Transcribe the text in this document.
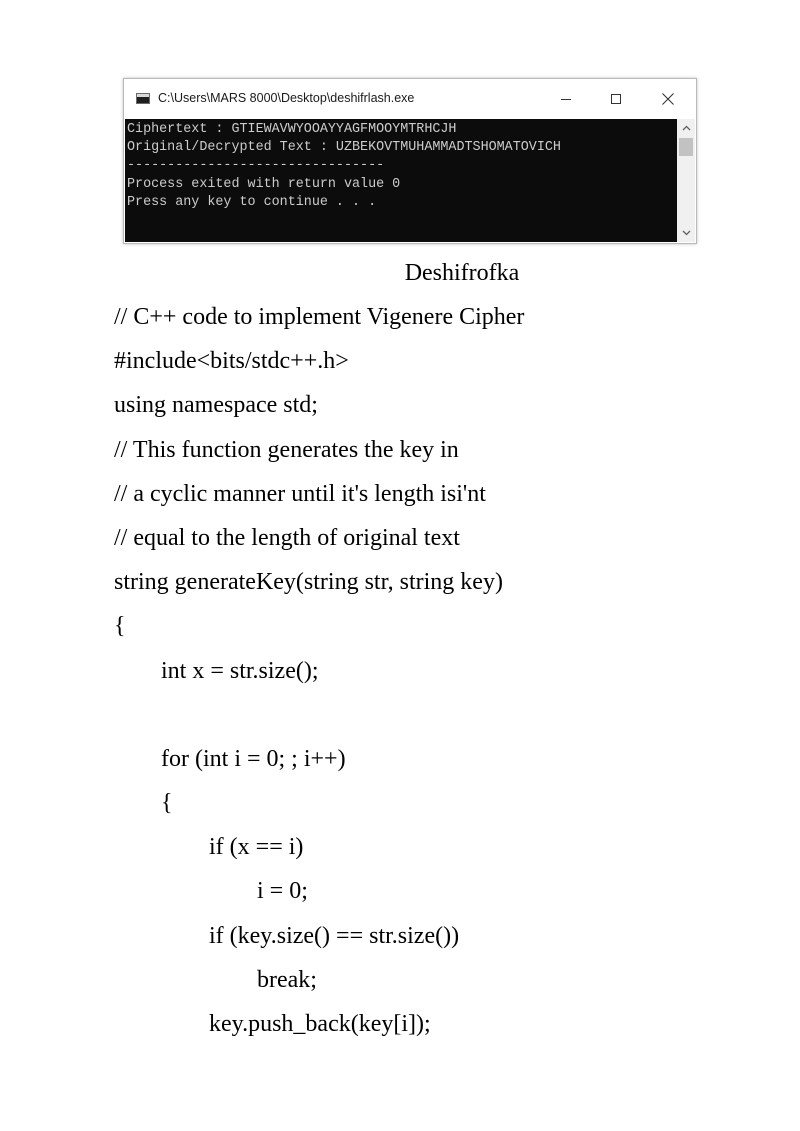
C:\Users\MARS 8000\Desktop\deshifrlash.exe
Ciphertext : GTIEWAVWYOOAYYAGFMOOYMTRHCJH
Original/Decrypted Text : UZBEKOVTMUHAMMADTSHOMATOVICH
--------------------------------
Process exited with return value 0
Press any key to continue . . .
Deshifrofka
// C++ code to implement Vigenere Cipher
#include<bits/stdc++.h>
using namespace std;
// This function generates the key in
// a cyclic manner until it's length isi'nt
// equal to the length of original text
string generateKey(string str, string key)
{
int x = str.size();
for (int i = 0; ; i++)
{
if (x == i)
i = 0;
if (key.size() == str.size())
break;
key.push_back(key[i]);
